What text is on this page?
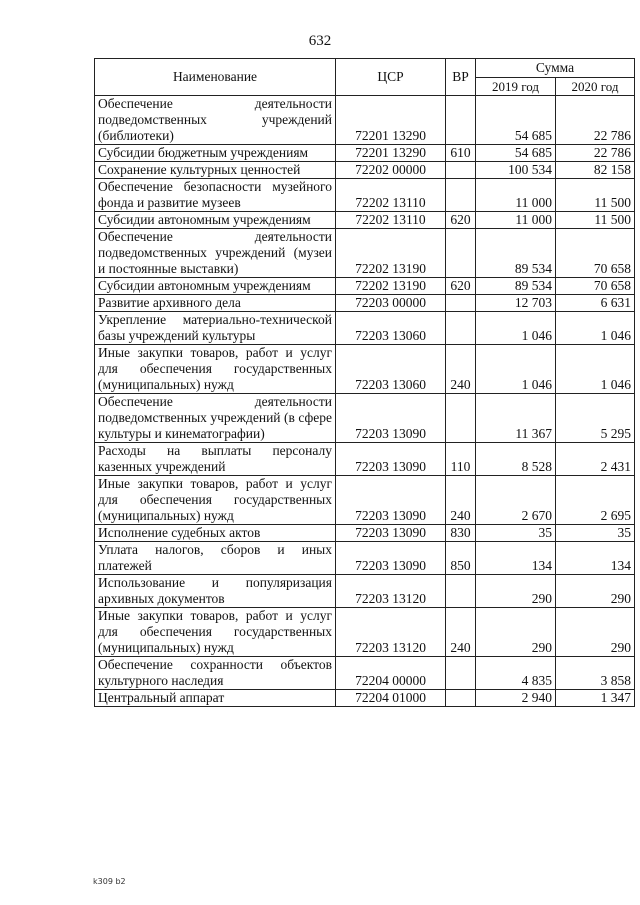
632
Наименование	ЦСР	ВР	Сумма	
			2019 год	2020 год
Обеспечение деятельности подведомственных учреждений (библиотеки)	72201 13290		54 685	22 786
Субсидии бюджетным учреждениям	72201 13290	610	54 685	22 786
Сохранение культурных ценностей	72202 00000		100 534	82 158
Обеспечение безопасности музейного фонда и развитие музеев	72202 13110		11 000	11 500
Субсидии автономным учреждениям	72202 13110	620	11 000	11 500
Обеспечение деятельности подведомственных учреждений (музеи и постоянные выставки)	72202 13190		89 534	70 658
Субсидии автономным учреждениям	72202 13190	620	89 534	70 658
Развитие архивного дела	72203 00000		12 703	6 631
Укрепление материально-технической базы учреждений культуры	72203 13060		1 046	1 046
Иные закупки товаров, работ и услуг для обеспечения государственных (муниципальных) нужд	72203 13060	240	1 046	1 046
Обеспечение деятельности подведомственных учреждений (в сфере культуры и кинематографии)	72203 13090		11 367	5 295
Расходы на выплаты персоналу казенных учреждений	72203 13090	110	8 528	2 431
Иные закупки товаров, работ и услуг для обеспечения государственных (муниципальных) нужд	72203 13090	240	2 670	2 695
Исполнение судебных актов	72203 13090	830	35	35
Уплата налогов, сборов и иных платежей	72203 13090	850	134	134
Использование и популяризация архивных документов	72203 13120		290	290
Иные закупки товаров, работ и услуг для обеспечения государственных (муниципальных) нужд	72203 13120	240	290	290
Обеспечение сохранности объектов культурного наследия	72204 00000		4 835	3 858
Центральный аппарат	72204 01000		2 940	1 347
k309 b2
